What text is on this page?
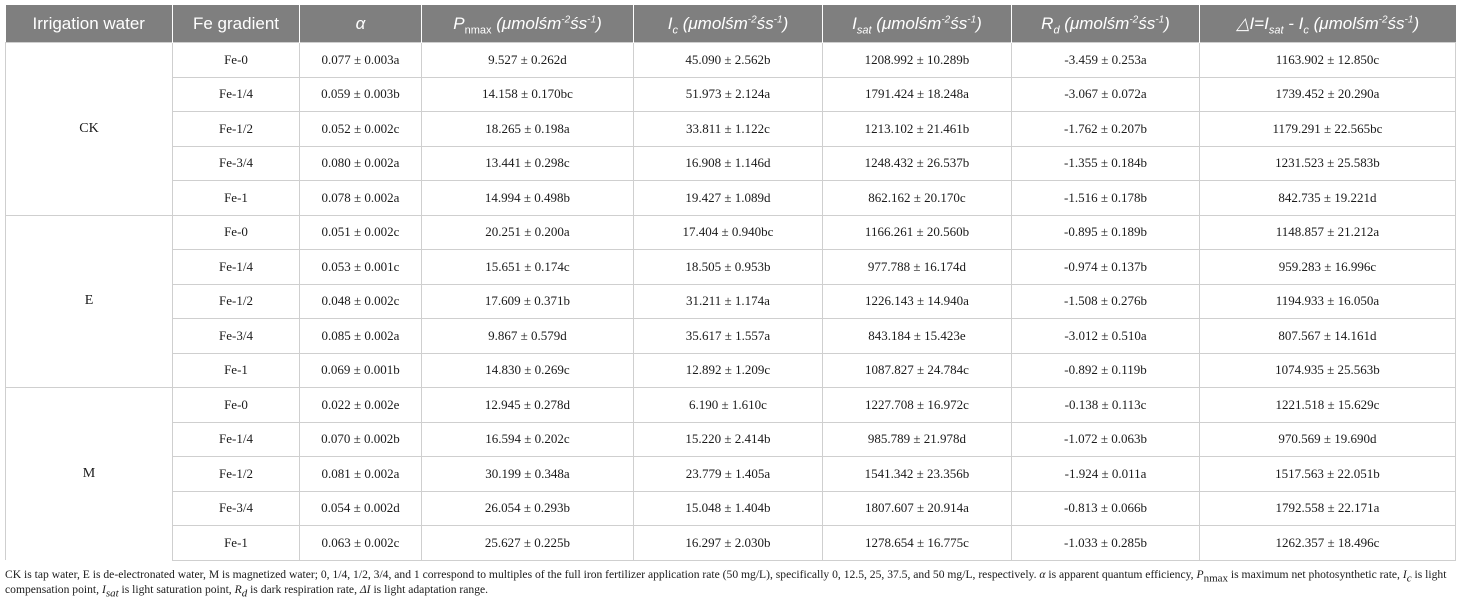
Irrigation water	Fe gradient	α	$P_{nmax}$ $(\mu molśm^{-2}śs^{-1})$	$I_c$ $(\mu molśm^{-2}śs^{-1})$	$I_{sat}$ $(\mu molśm^{-2}śs^{-1})$	$R_d$ $(\mu molśm^{-2}śs^{-1})$	$\triangle I=I_{sat} - I_c$ $(\mu molśm^{-2}śs^{-1})$
CK	Fe-0	0.077 ± 0.003a	9.527 ± 0.262d	45.090 ± 2.562b	1208.992 ± 10.289b	-3.459 ± 0.253a	1163.902 ± 12.850c
	Fe-1/4	0.059 ± 0.003b	14.158 ± 0.170bc	51.973 ± 2.124a	1791.424 ± 18.248a	-3.067 ± 0.072a	1739.452 ± 20.290a
	Fe-1/2	0.052 ± 0.002c	18.265 ± 0.198a	33.811 ± 1.122c	1213.102 ± 21.461b	-1.762 ± 0.207b	1179.291 ± 22.565bc
	Fe-3/4	0.080 ± 0.002a	13.441 ± 0.298c	16.908 ± 1.146d	1248.432 ± 26.537b	-1.355 ± 0.184b	1231.523 ± 25.583b
	Fe-1	0.078 ± 0.002a	14.994 ± 0.498b	19.427 ± 1.089d	862.162 ± 20.170c	-1.516 ± 0.178b	842.735 ± 19.221d
E	Fe-0	0.051 ± 0.002c	20.251 ± 0.200a	17.404 ± 0.940bc	1166.261 ± 20.560b	-0.895 ± 0.189b	1148.857 ± 21.212a
	Fe-1/4	0.053 ± 0.001c	15.651 ± 0.174c	18.505 ± 0.953b	977.788 ± 16.174d	-0.974 ± 0.137b	959.283 ± 16.996c
	Fe-1/2	0.048 ± 0.002c	17.609 ± 0.371b	31.211 ± 1.174a	1226.143 ± 14.940a	-1.508 ± 0.276b	1194.933 ± 16.050a
	Fe-3/4	0.085 ± 0.002a	9.867 ± 0.579d	35.617 ± 1.557a	843.184 ± 15.423e	-3.012 ± 0.510a	807.567 ± 14.161d
	Fe-1	0.069 ± 0.001b	14.830 ± 0.269c	12.892 ± 1.209c	1087.827 ± 24.784c	-0.892 ± 0.119b	1074.935 ± 25.563b
M	Fe-0	0.022 ± 0.002e	12.945 ± 0.278d	6.190 ± 1.610c	1227.708 ± 16.972c	-0.138 ± 0.113c	1221.518 ± 15.629c
	Fe-1/4	0.070 ± 0.002b	16.594 ± 0.202c	15.220 ± 2.414b	985.789 ± 21.978d	-1.072 ± 0.063b	970.569 ± 19.690d
	Fe-1/2	0.081 ± 0.002a	30.199 ± 0.348a	23.779 ± 1.405a	1541.342 ± 23.356b	-1.924 ± 0.011a	1517.563 ± 22.051b
	Fe-3/4	0.054 ± 0.002d	26.054 ± 0.293b	15.048 ± 1.404b	1807.607 ± 20.914a	-0.813 ± 0.066b	1792.558 ± 22.171a
	Fe-1	0.063 ± 0.002c	25.627 ± 0.225b	16.297 ± 2.030b	1278.654 ± 16.775c	-1.033 ± 0.285b	1262.357 ± 18.496c
CK is tap water, E is de-electronated water, M is magnetized water; 0, 1/4, 1/2, 3/4, and 1 correspond to multiples of the full iron fertilizer application rate (50 mg/L), specifically 0, 12.5, 25, 37.5, and 50 mg/L, respectively. α is apparent quantum efficiency, $P_{nmax}$ is maximum net photosynthetic rate, $I_c$ is light compensation point, $I_{sat}$ is light saturation point, $R_d$ is dark respiration rate, ΔI is light adaptation range.
